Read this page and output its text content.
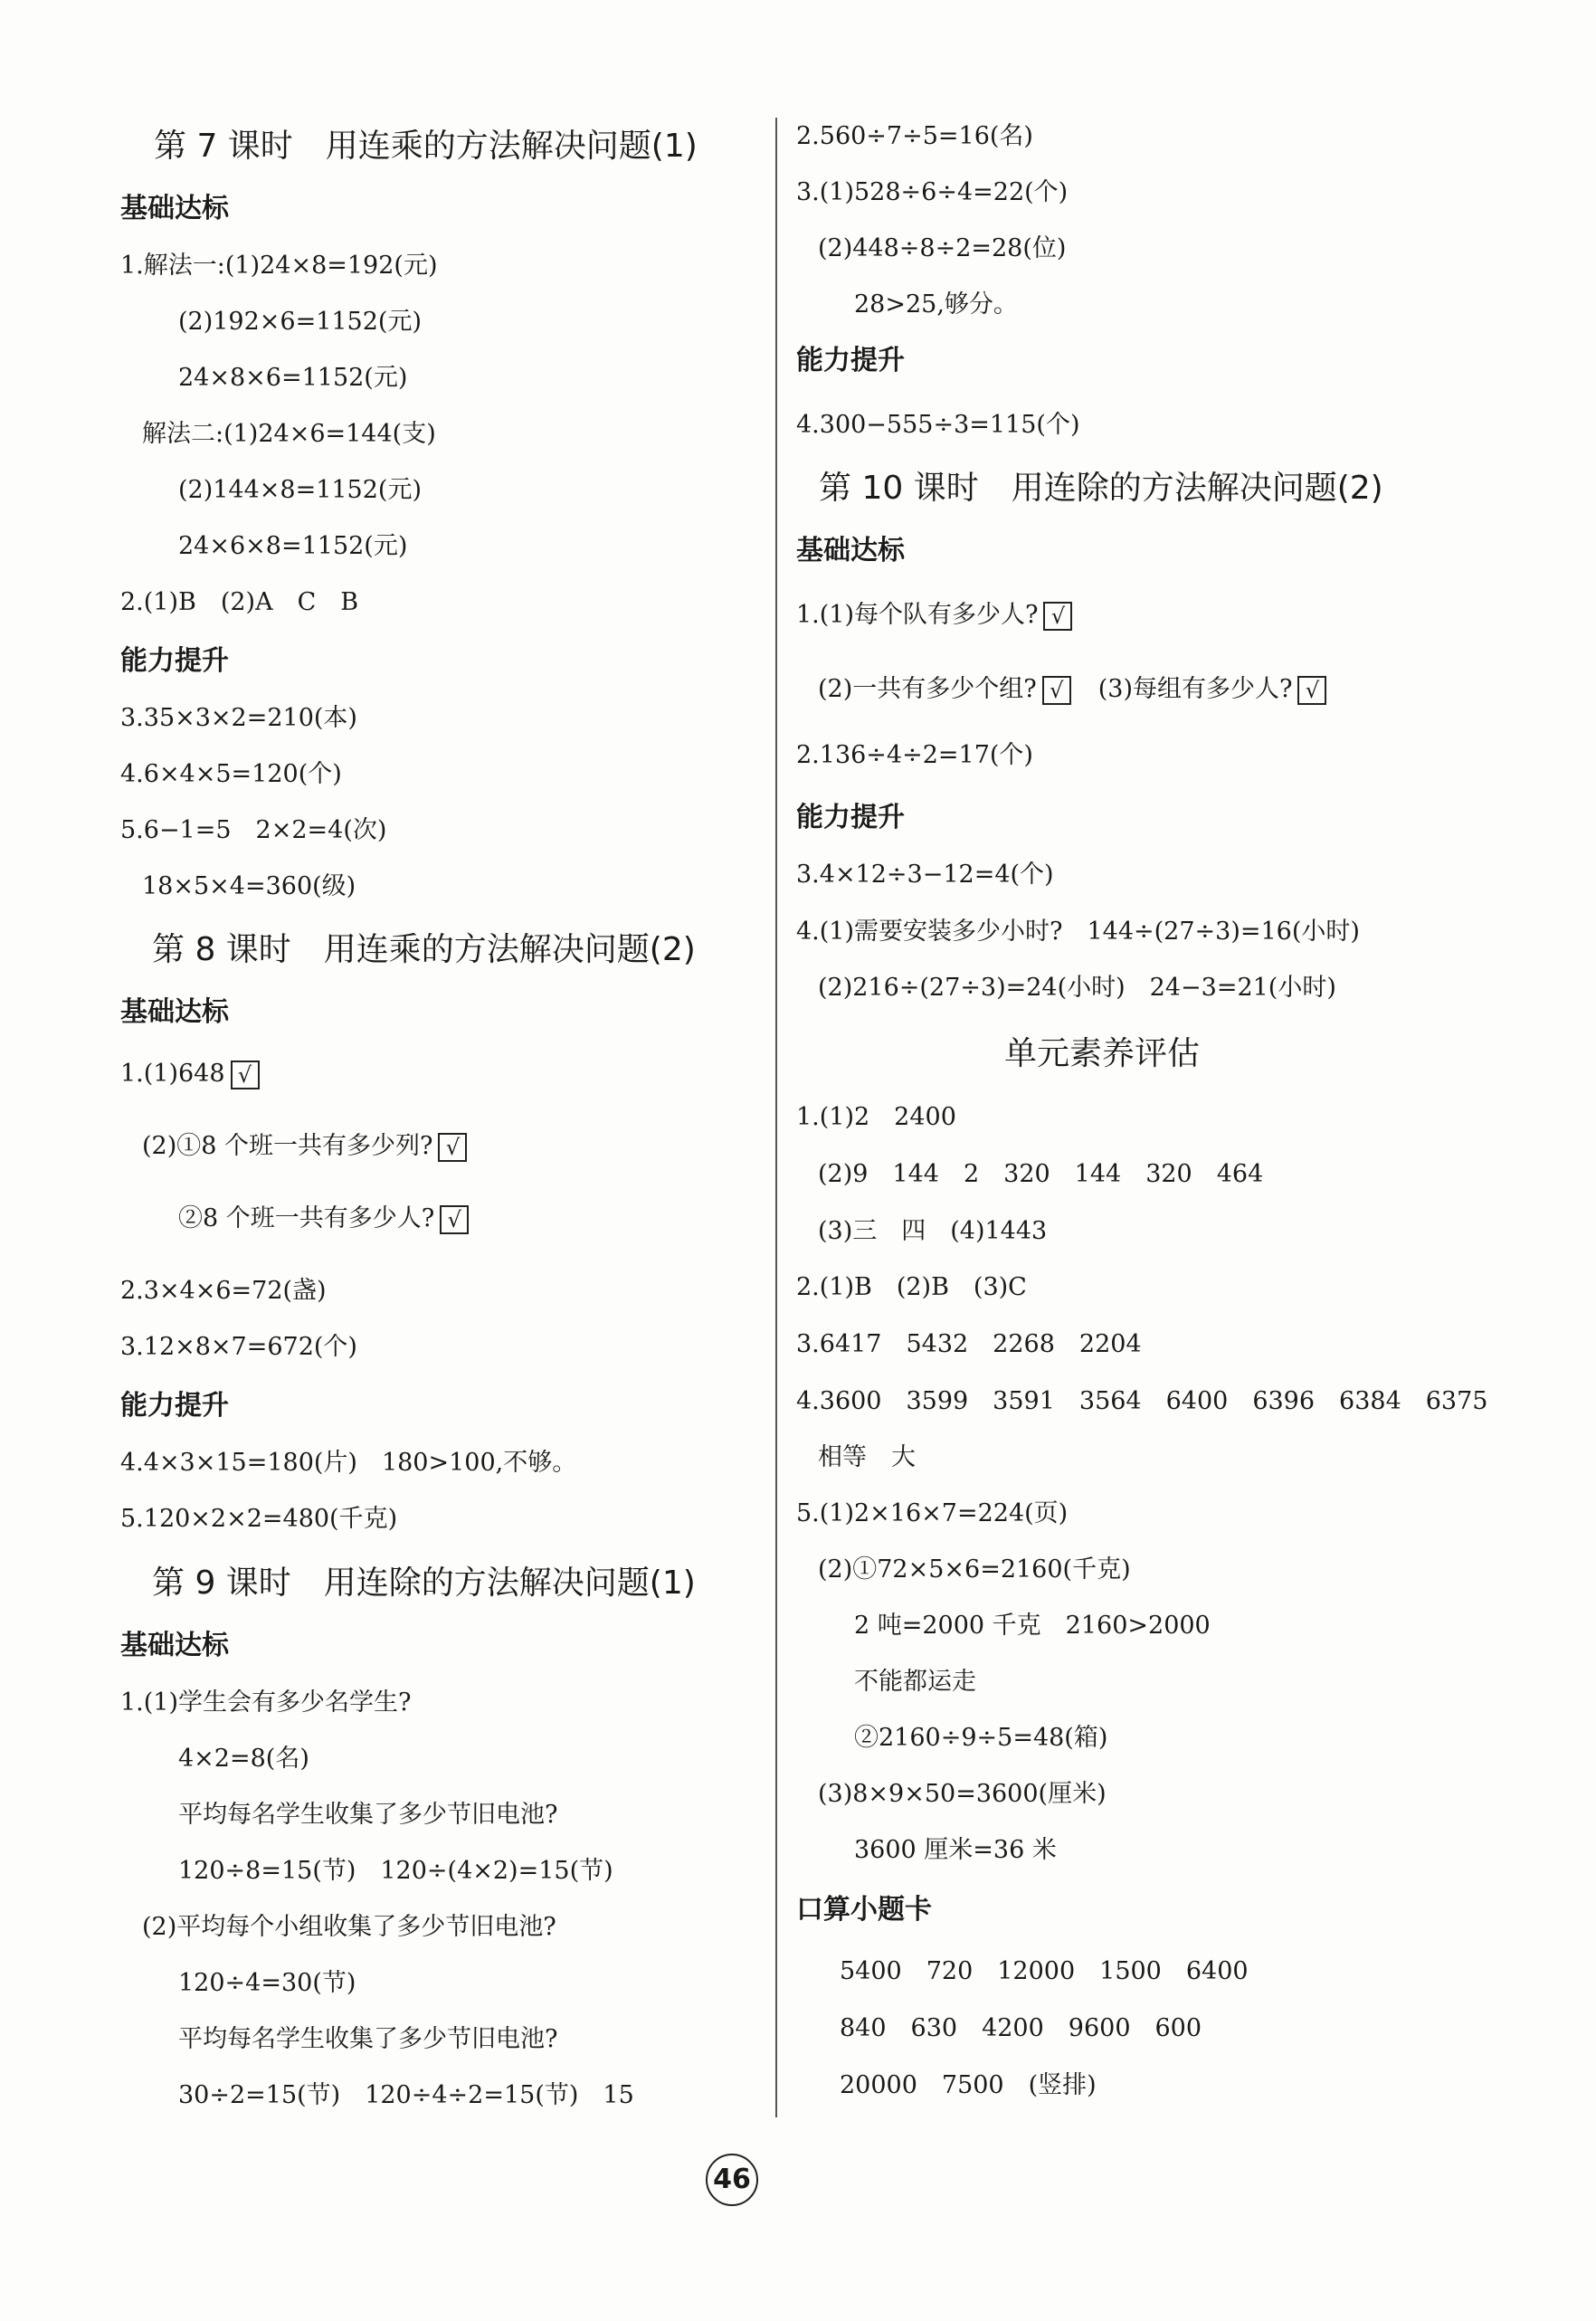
第 7 课时　用连乘的方法解决问题(1)
基础达标
1.解法一:(1)24×8=192(元)
(2)192×6=1152(元)
24×8×6=1152(元)
解法二:(1)24×6=144(支)
(2)144×8=1152(元)
24×6×8=1152(元)
2.(1)B　(2)A　C　B
能力提升
3.35×3×2=210(本)
4.6×4×5=120(个)
5.6−1=5　2×2=4(次)
18×5×4=360(级)
第 8 课时　用连乘的方法解决问题(2)
基础达标
1.(1)648 √
(2)①8 个班一共有多少列? √
②8 个班一共有多少人? √
2.3×4×6=72(盏)
3.12×8×7=672(个)
能力提升
4.4×3×15=180(片)　180>100,不够。
5.120×2×2=480(千克)
第 9 课时　用连除的方法解决问题(1)
基础达标
1.(1)学生会有多少名学生?
4×2=8(名)
平均每名学生收集了多少节旧电池?
120÷8=15(节)　120÷(4×2)=15(节)
(2)平均每个小组收集了多少节旧电池?
120÷4=30(节)
平均每名学生收集了多少节旧电池?
30÷2=15(节)　120÷4÷2=15(节)　15
2.560÷7÷5=16(名)
3.(1)528÷6÷4=22(个)
(2)448÷8÷2=28(位)
28>25,够分。
能力提升
4.300−555÷3=115(个)
第 10 课时　用连除的方法解决问题(2)
基础达标
1.(1)每个队有多少人? √
(2)一共有多少个组? √ (3)每组有多少人? √
2.136÷4÷2=17(个)
能力提升
3.4×12÷3−12=4(个)
4.(1)需要安装多少小时?　144÷(27÷3)=16(小时)
(2)216÷(27÷3)=24(小时)　24−3=21(小时)
单元素养评估
1.(1)2　2400
(2)9　144　2　320　144　320　464
(3)三　四　(4)1443
2.(1)B　(2)B　(3)C
3.6417　5432　2268　2204
4.3600　3599　3591　3564　6400　6396　6384　6375
相等　大
5.(1)2×16×7=224(页)
(2)①72×5×6=2160(千克)
2 吨=2000 千克　2160>2000
不能都运走
②2160÷9÷5=48(箱)
(3)8×9×50=3600(厘米)
3600 厘米=36 米
口算小题卡
5400　720　12000　1500　6400
840　630　4200　9600　600
20000　7500　(竖排)
46
